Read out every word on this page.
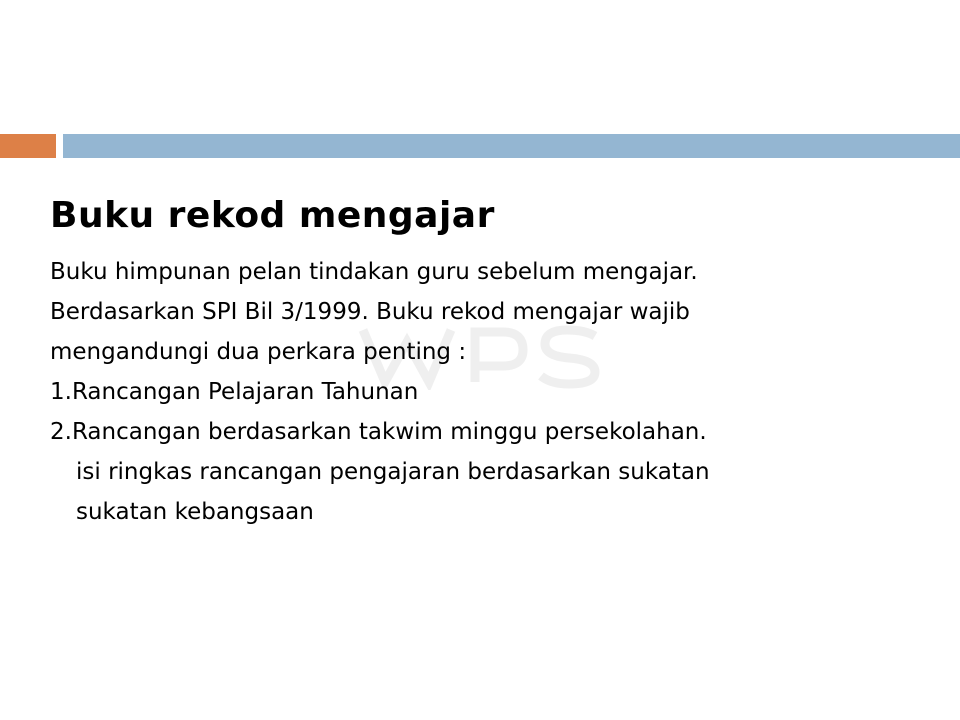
Buku rekod mengajar
Buku himpunan pelan tindakan guru sebelum mengajar.
Berdasarkan SPI Bil 3/1999. Buku rekod mengajar wajib
mengandungi dua perkara penting :
1.Rancangan Pelajaran Tahunan
2.Rancangan berdasarkan takwim minggu persekolahan.
isi ringkas rancangan pengajaran berdasarkan sukatan
sukatan kebangsaan
